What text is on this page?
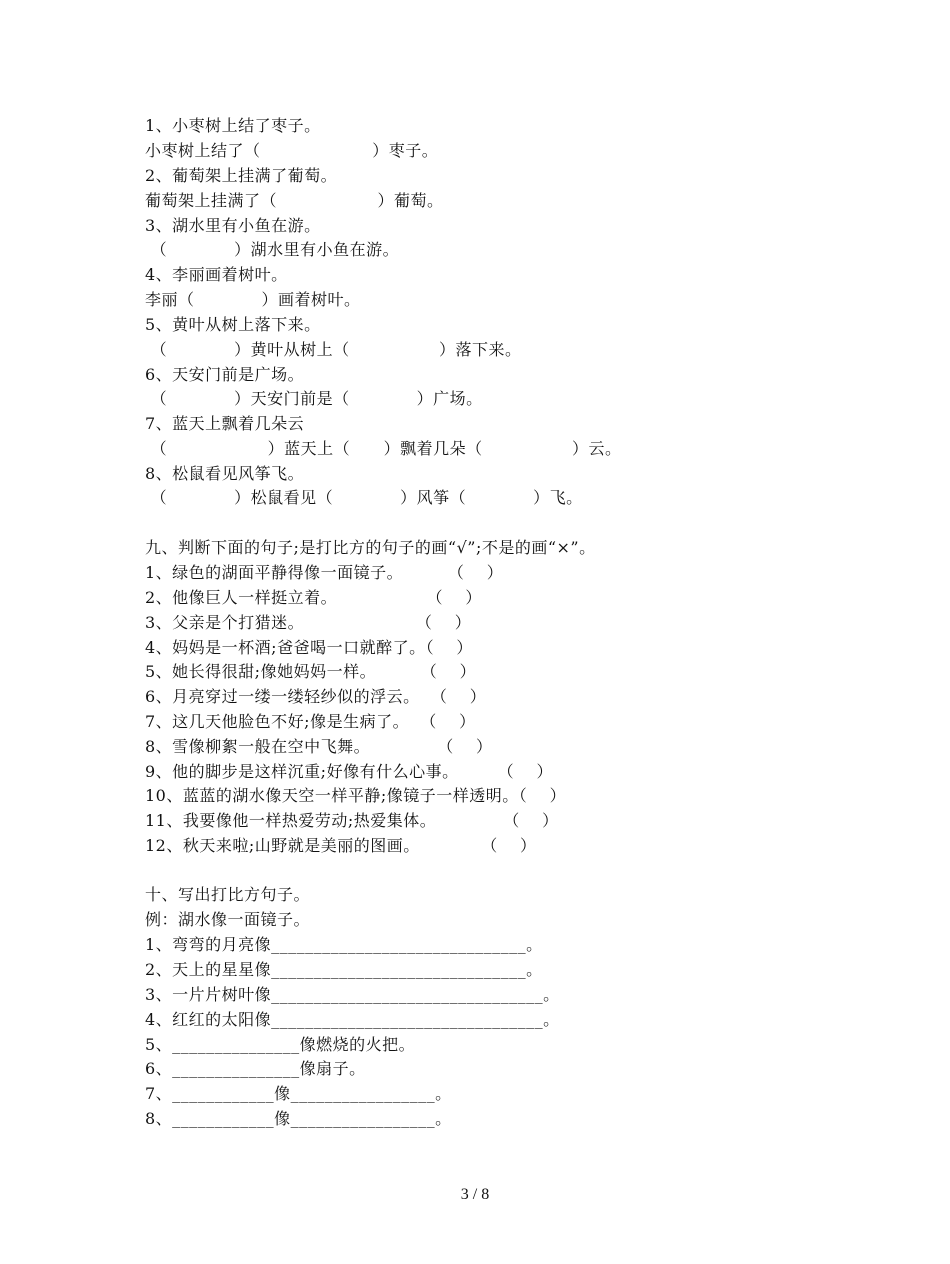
1、小枣树上结了枣子。
小枣树上结了（                    ）枣子。
2、葡萄架上挂满了葡萄。
葡萄架上挂满了（                  ）葡萄。
3、湖水里有小鱼在游。
（            ）湖水里有小鱼在游。
4、李丽画着树叶。
李丽（            ）画着树叶。
5、黄叶从树上落下来。
（            ）黄叶从树上（                ）落下来。
6、天安门前是广场。
（            ）天安门前是（            ）广场。
7、蓝天上飘着几朵云
（                  ）蓝天上（      ）飘着几朵（                ）云。
8、松鼠看见风筝飞。
（            ）松鼠看见（            ）风筝（            ）飞。
九、判断下面的句子;是打比方的句子的画“√”;不是的画“×”。
1、绿色的湖面平静得像一面镜子。        （    ）
2、他像巨人一样挺立着。                （    ）
3、父亲是个打猎迷。                    （    ）
4、妈妈是一杯酒;爸爸喝一口就醉了。（    ）
5、她长得很甜;像她妈妈一样。        （    ）
6、月亮穿过一缕一缕轻纱似的浮云。  （    ）
7、这几天他脸色不好;像是生病了。  （    ）
8、雪像柳絮一般在空中飞舞。            （    ）
9、他的脚步是这样沉重;好像有什么心事。       （    ）
10、蓝蓝的湖水像天空一样平静;像镜子一样透明。（    ）
11、我要像他一样热爱劳动;热爱集体。            （    ）
12、秋天来啦;山野就是美丽的图画。           （    ）
十、写出打比方句子。
例：湖水像一面镜子。
1、弯弯的月亮像______________________________。
2、天上的星星像______________________________。
3、一片片树叶像________________________________。
4、红红的太阳像________________________________。
5、_______________像燃烧的火把。
6、_______________像扇子。
7、____________像_________________。
8、____________像_________________。
3 / 8
